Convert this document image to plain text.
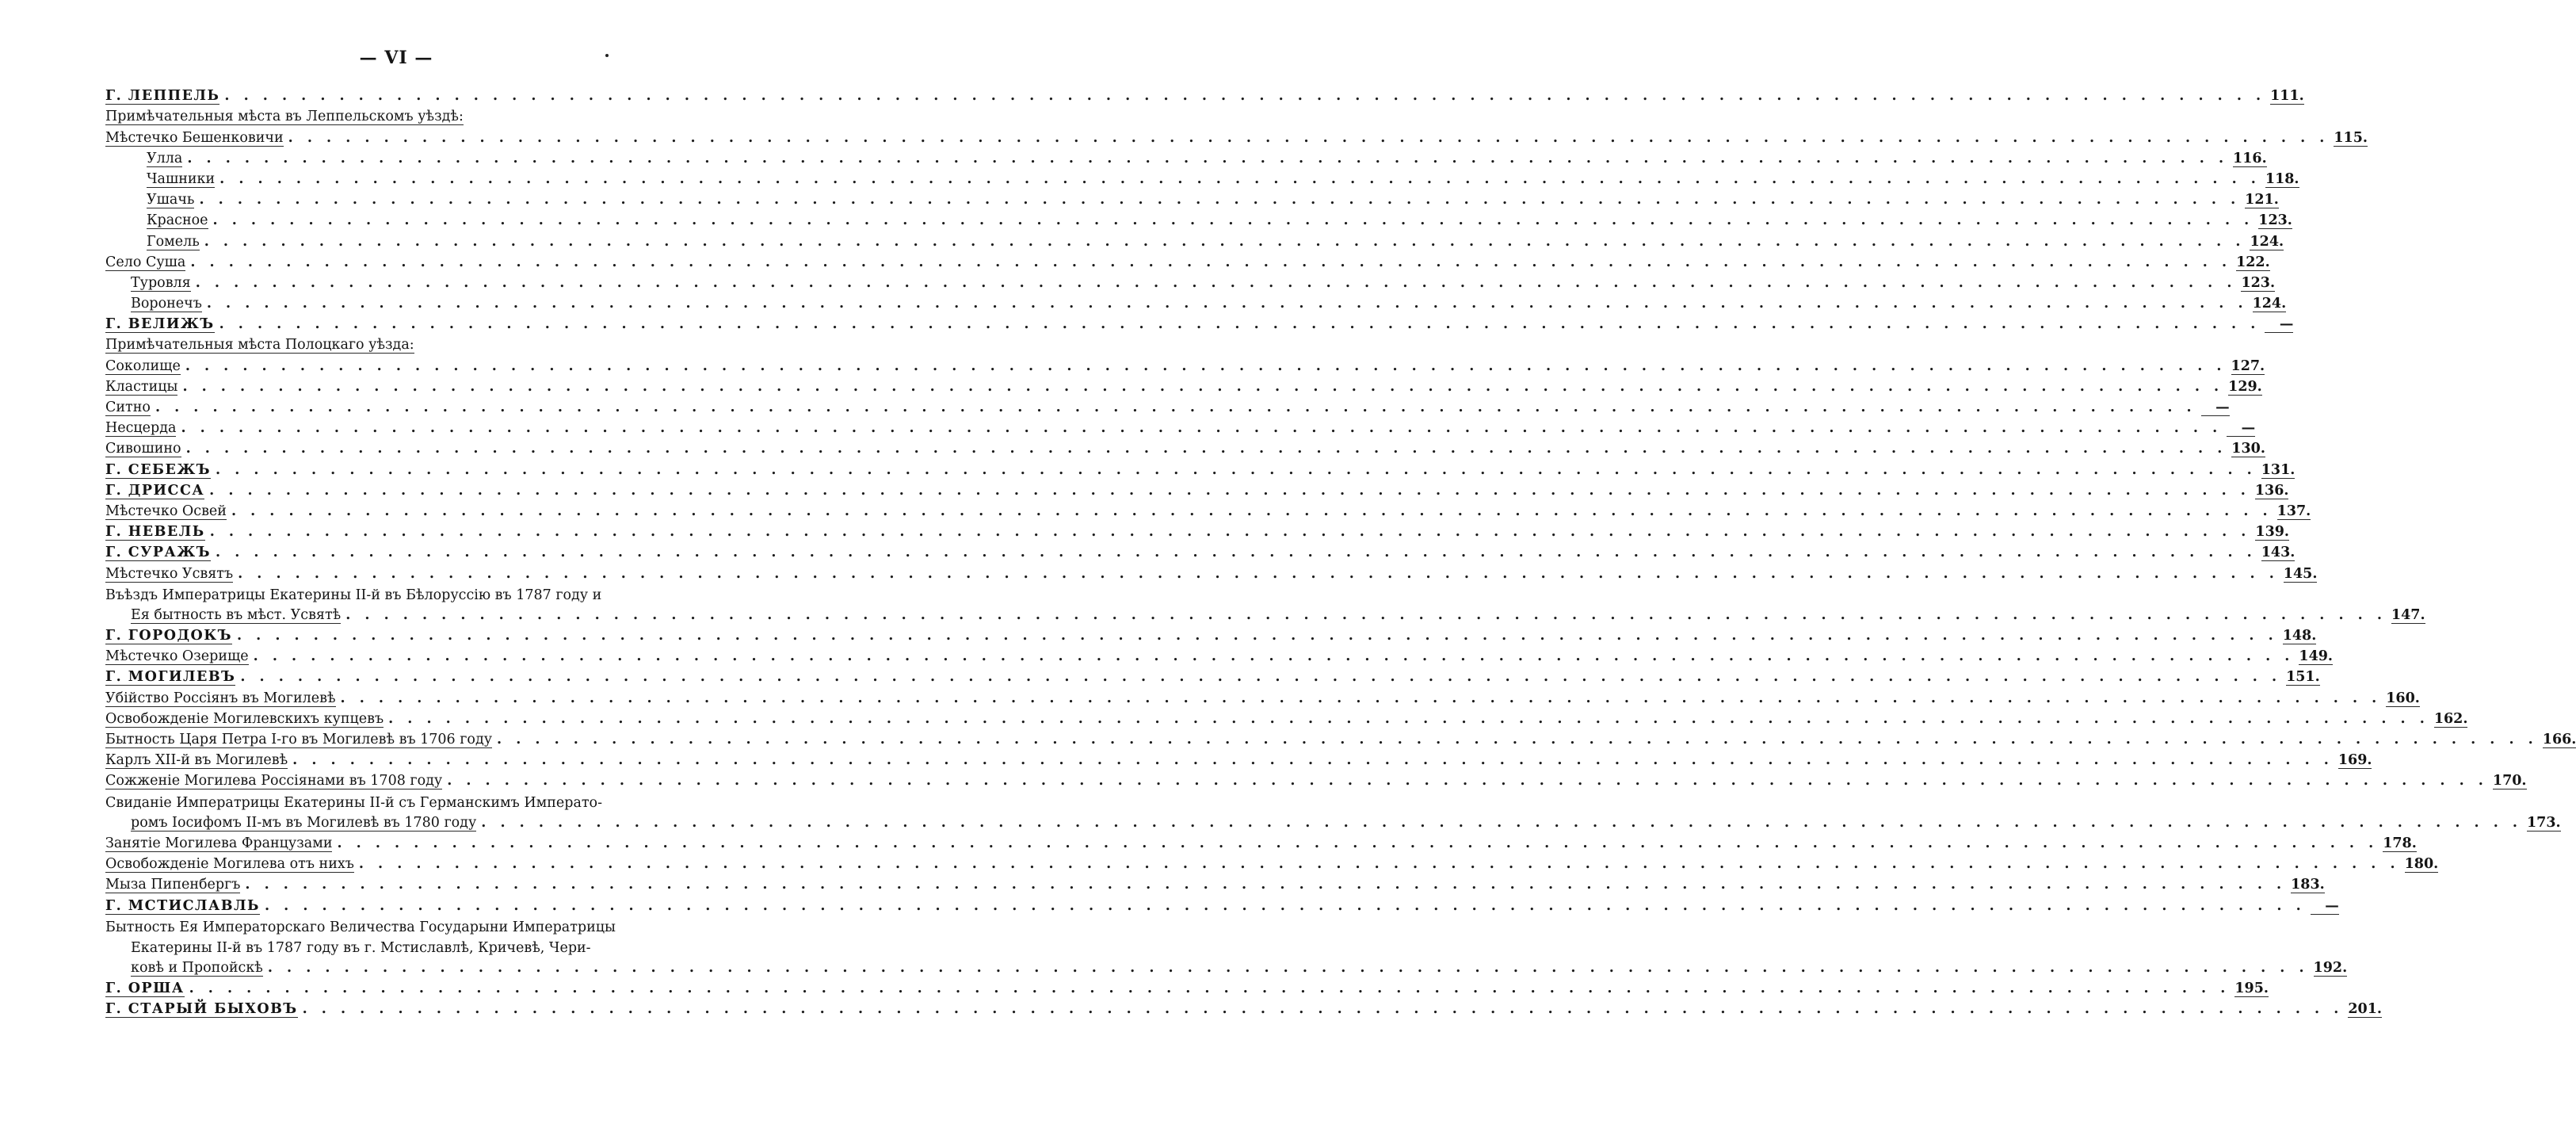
— VI —
Г. ЛЕППЕЛЬ . . .	111.
Примѣчательныя мѣста въ Леппельскомъ уѣздѣ:
Мѣстечко Бешенковичи . . .	115.
Улла . . .	116.
Чашники . . .	118.
Ушачь . . .	121.
Красное . . .	123.
Гомель . . .	124.
Село Суша . . .	122.
Туровля . . .	123.
Воронечъ . . .	124.
Г. ВЕЛИЖЪ . . .	—
Примѣчательныя мѣста Полоцкаго уѣзда:
Соколище . . .	127.
Кластицы . . .	129.
Ситно . . .	—
Несцерда . . .	—
Сивошино . . .	130.
Г. СЕБЕЖЪ . . .	131.
Г. ДРИССА . . .	136.
Мѣстечко Освей . . .	137.
Г. НЕВЕЛЬ . . .	139.
Г. СУРАЖЪ . . .	143.
Мѣстечко Усвятъ . . .	145.
Въѣздъ Императрицы Екатерины II-й въ Бѣлоруссію въ 1787 году и
Ея бытность въ мѣст. Усвятѣ . . .	147.
Г. ГОРОДОКЪ . . .	148.
Мѣстечко Озерище . . .	149.
Г. МОГИЛЕВЪ . . .	151.
Убійство Россіянъ въ Могилевѣ . . .	160.
Освобожденіе Могилевскихъ купцевъ . . .	162.
Бытность Царя Петра I-го въ Могилевѣ въ 1706 году . . .	166.
Карлъ XII-й въ Могилевѣ . . .	169.
Сожженіе Могилева Россіянами въ 1708 году . . .	170.
Свиданіе Императрицы Екатерины II-й съ Германскимъ Императо-
ромъ Іосифомъ II-мъ въ Могилевѣ въ 1780 году . . .	173.
Занятіе Могилева Французами . . .	178.
Освобожденіе Могилева отъ нихъ . . .	180.
Мыза Пипенбергъ . . .	183.
Г. МСТИСЛАВЛЬ . . .	—
Бытность Ея Императорскаго Величества Государыни Императрицы
Екатерины II-й въ 1787 году въ г. Мстиславлѣ, Кричевѣ, Чери-
ковѣ и Пропойскѣ . . .	192.
Г. ОРША . . .	195.
Г. СТАРЫЙ БЫХОВЪ . . .	201.
